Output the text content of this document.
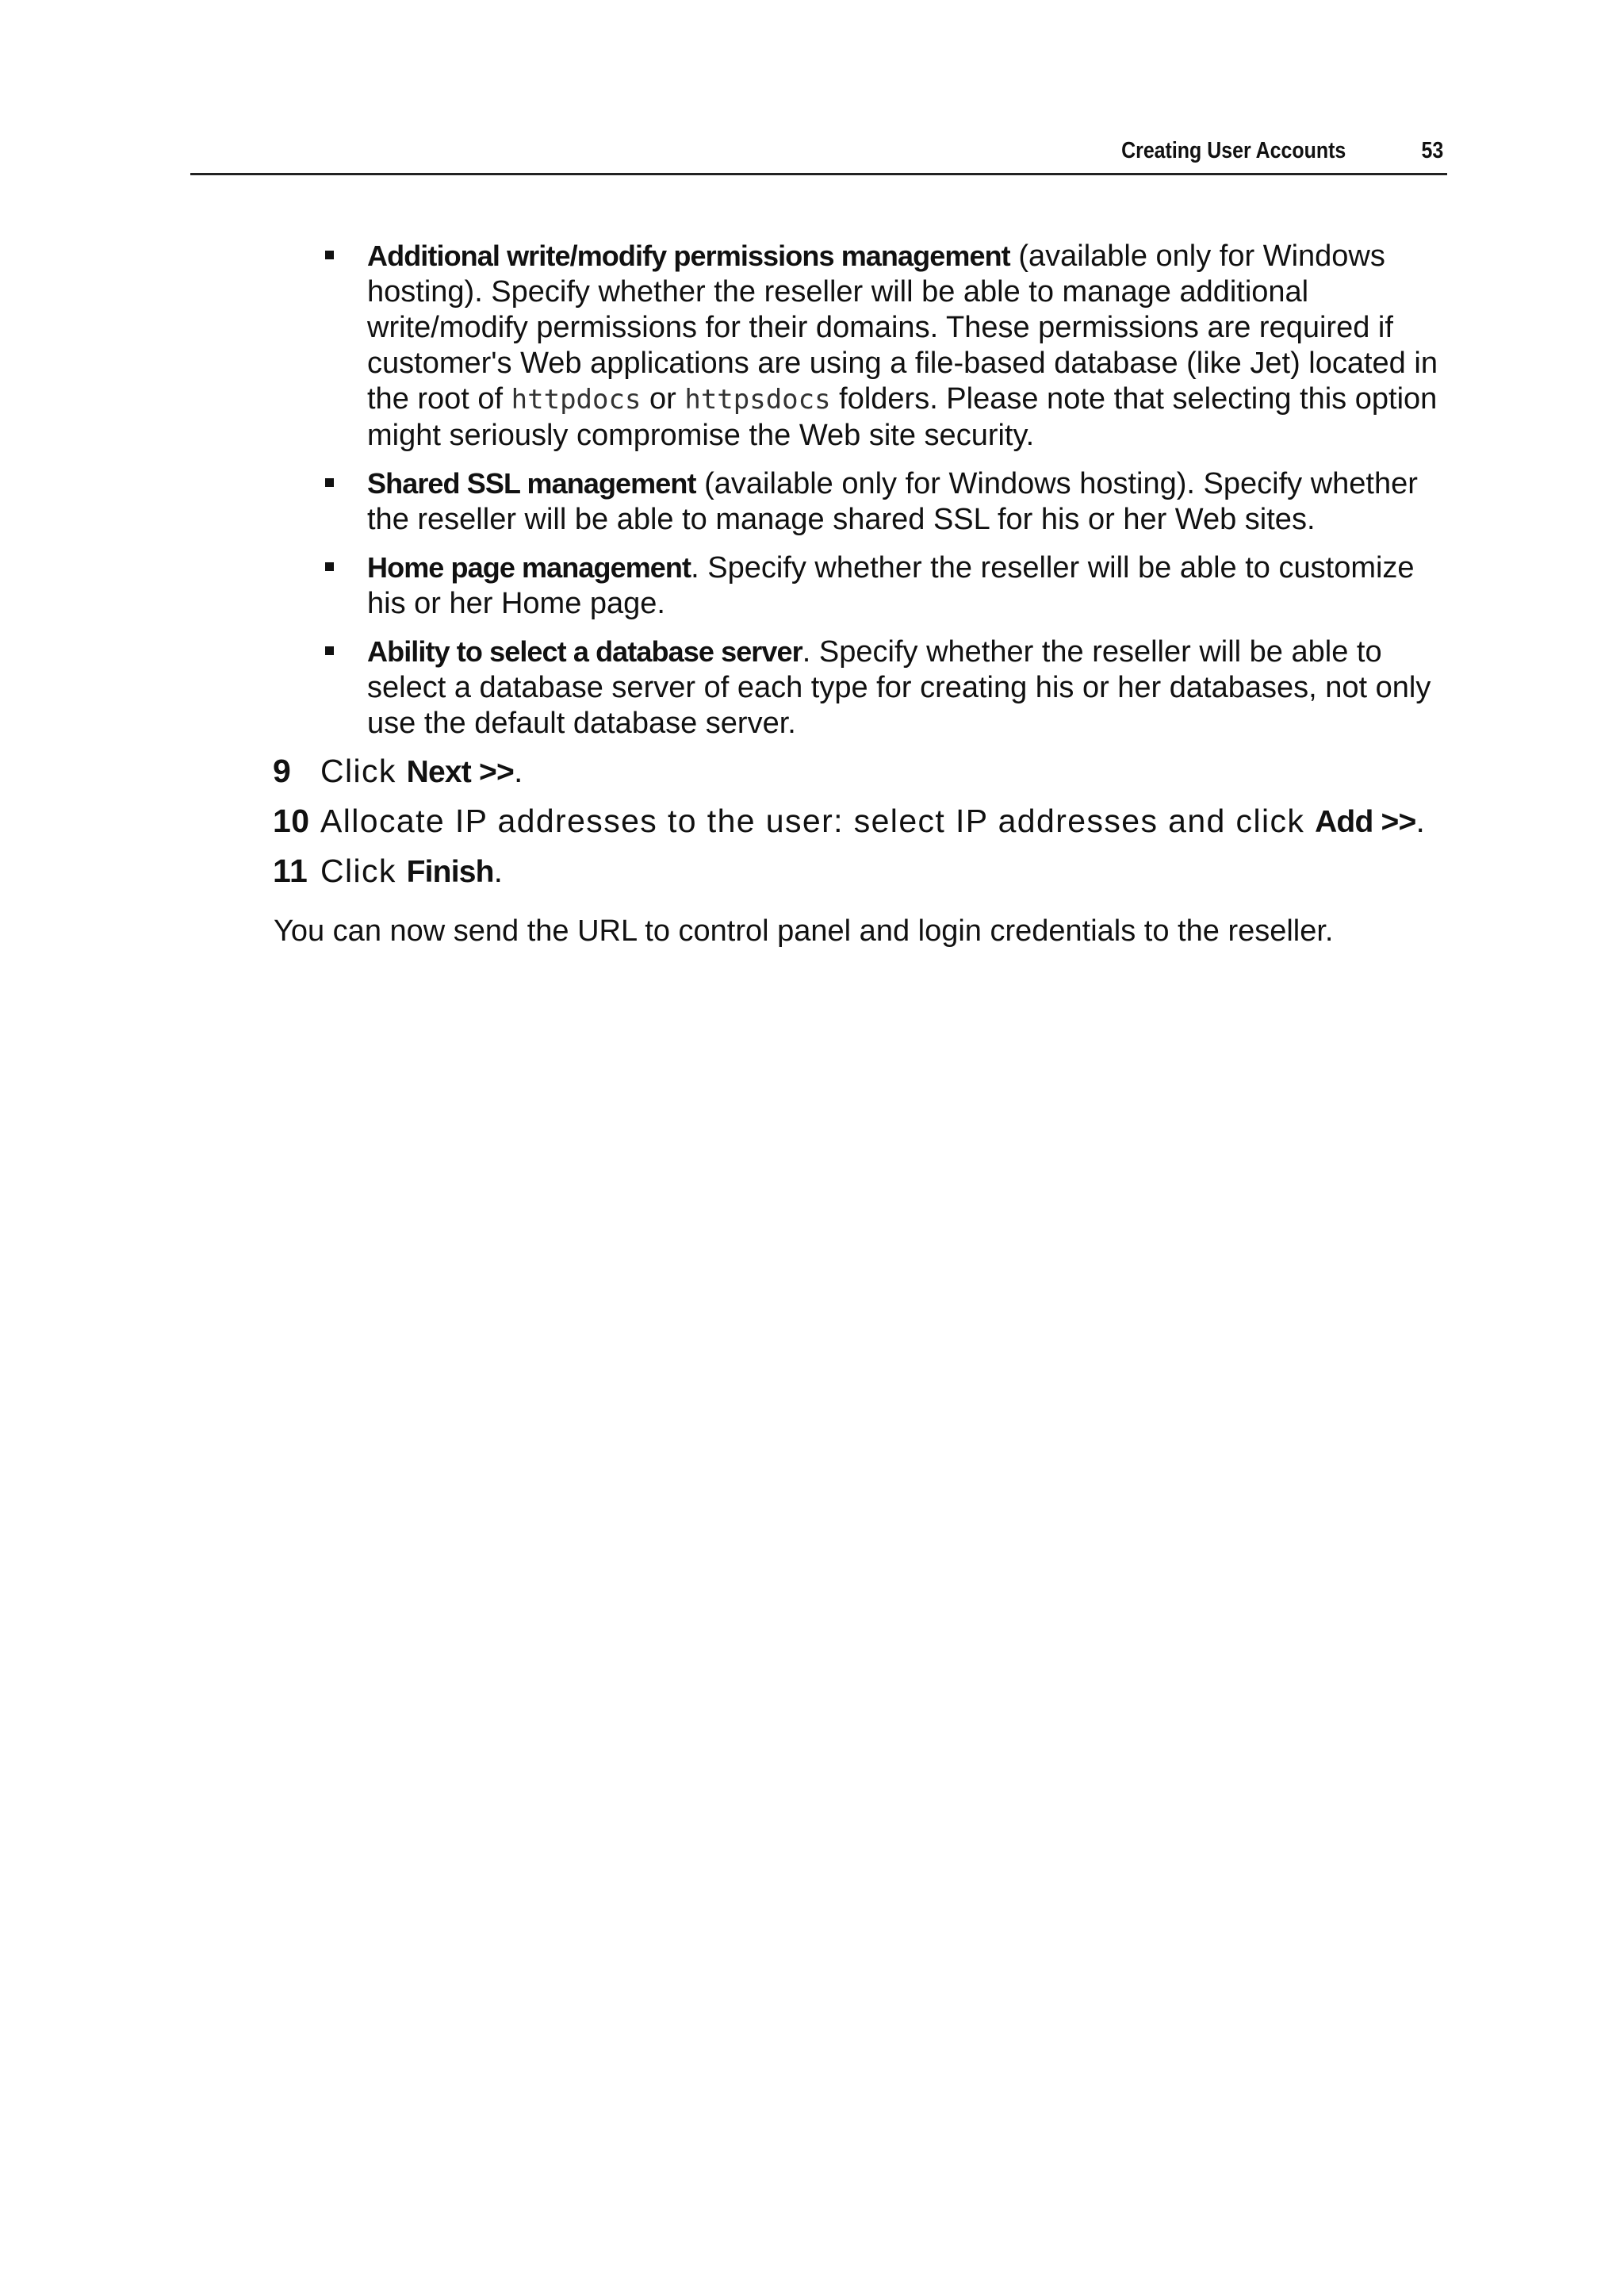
Creating User Accounts	53
Additional write/modify permissions management (available only for Windows hosting). Specify whether the reseller will be able to manage additional write/modify permissions for their domains. These permissions are required if customer's Web applications are using a file-based database (like Jet) located in the root of httpdocs or httpsdocs folders. Please note that selecting this option might seriously compromise the Web site security.
Shared SSL management (available only for Windows hosting). Specify whether the reseller will be able to manage shared SSL for his or her Web sites.
Home page management. Specify whether the reseller will be able to customize his or her Home page.
Ability to select a database server. Specify whether the reseller will be able to select a database server of each type for creating his or her databases, not only use the default database server.
9 Click Next >>.
10 Allocate IP addresses to the user: select IP addresses and click Add >>.
11 Click Finish.

You can now send the URL to control panel and login credentials to the reseller.
